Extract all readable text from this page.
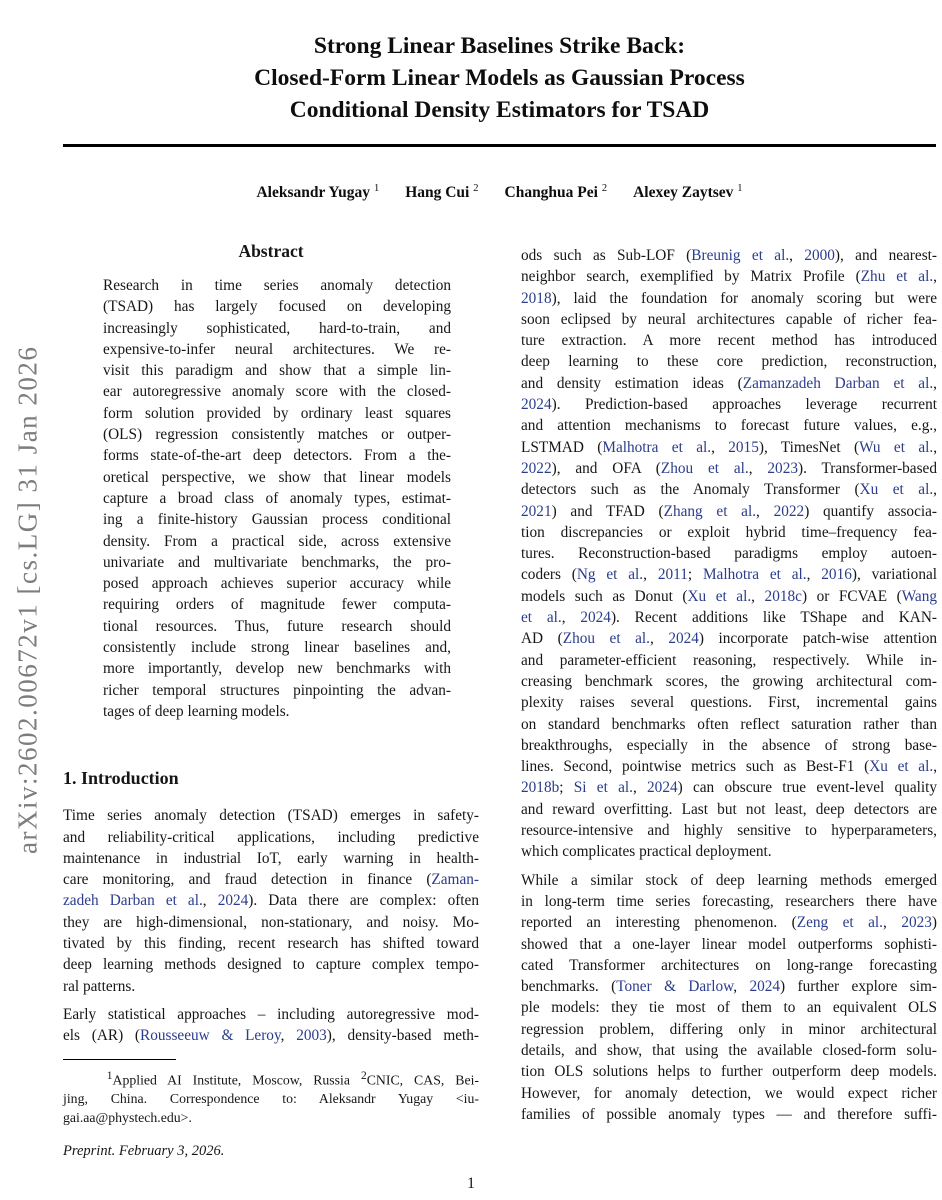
arXiv:2602.00672v1 [cs.LG] 31 Jan 2026
Strong Linear Baselines Strike Back:
Closed-Form Linear Models as Gaussian Process
Conditional Density Estimators for TSAD
Aleksandr Yugay $^1$ Hang Cui $^2$ Changhua Pei $^2$ Alexey Zaytsev $^1$
Abstract
Research in time series anomaly detection
(TSAD) has largely focused on developing
increasingly sophisticated, hard-to-train, and
expensive-to-infer neural architectures. We re-
visit this paradigm and show that a simple lin-
ear autoregressive anomaly score with the closed-
form solution provided by ordinary least squares
(OLS) regression consistently matches or outper-
forms state-of-the-art deep detectors. From a the-
oretical perspective, we show that linear models
capture a broad class of anomaly types, estimat-
ing a finite-history Gaussian process conditional
density. From a practical side, across extensive
univariate and multivariate benchmarks, the pro-
posed approach achieves superior accuracy while
requiring orders of magnitude fewer computa-
tional resources. Thus, future research should
consistently include strong linear baselines and,
more importantly, develop new benchmarks with
richer temporal structures pinpointing the advan-
tages of deep learning models.
1. Introduction
Time series anomaly detection (TSAD) emerges in safety-
and reliability-critical applications, including predictive
maintenance in industrial IoT, early warning in health-
care monitoring, and fraud detection in finance (Zaman-
zadeh Darban et al., 2024). Data there are complex: often
they are high-dimensional, non-stationary, and noisy. Mo-
tivated by this finding, recent research has shifted toward
deep learning methods designed to capture complex tempo-
ral patterns.
Early statistical approaches – including autoregressive mod-
els (AR) (Rousseeuw & Leroy, 2003), density-based meth-
$^1$Applied AI Institute, Moscow, Russia $^2$CNIC, CAS, Bei-
jing, China. Correspondence to: Aleksandr Yugay <iu-
gai.aa@phystech.edu>.
Preprint. February 3, 2026.
ods such as Sub-LOF (Breunig et al., 2000), and nearest-
neighbor search, exemplified by Matrix Profile (Zhu et al.,
2018), laid the foundation for anomaly scoring but were
soon eclipsed by neural architectures capable of richer fea-
ture extraction. A more recent method has introduced
deep learning to these core prediction, reconstruction,
and density estimation ideas (Zamanzadeh Darban et al.,
2024). Prediction-based approaches leverage recurrent
and attention mechanisms to forecast future values, e.g.,
LSTMAD (Malhotra et al., 2015), TimesNet (Wu et al.,
2022), and OFA (Zhou et al., 2023). Transformer-based
detectors such as the Anomaly Transformer (Xu et al.,
2021) and TFAD (Zhang et al., 2022) quantify associa-
tion discrepancies or exploit hybrid time–frequency fea-
tures. Reconstruction-based paradigms employ autoen-
coders (Ng et al., 2011; Malhotra et al., 2016), variational
models such as Donut (Xu et al., 2018c) or FCVAE (Wang
et al., 2024). Recent additions like TShape and KAN-
AD (Zhou et al., 2024) incorporate patch-wise attention
and parameter-efficient reasoning, respectively. While in-
creasing benchmark scores, the growing architectural com-
plexity raises several questions. First, incremental gains
on standard benchmarks often reflect saturation rather than
breakthroughs, especially in the absence of strong base-
lines. Second, pointwise metrics such as Best-F1 (Xu et al.,
2018b; Si et al., 2024) can obscure true event-level quality
and reward overfitting. Last but not least, deep detectors are
resource-intensive and highly sensitive to hyperparameters,
which complicates practical deployment.
While a similar stock of deep learning methods emerged
in long-term time series forecasting, researchers there have
reported an interesting phenomenon. (Zeng et al., 2023)
showed that a one-layer linear model outperforms sophisti-
cated Transformer architectures on long-range forecasting
benchmarks. (Toner & Darlow, 2024) further explore sim-
ple models: they tie most of them to an equivalent OLS
regression problem, differing only in minor architectural
details, and show, that using the available closed-form solu-
tion OLS solutions helps to further outperform deep models.
However, for anomaly detection, we would expect richer
families of possible anomaly types — and therefore suffi-
1
